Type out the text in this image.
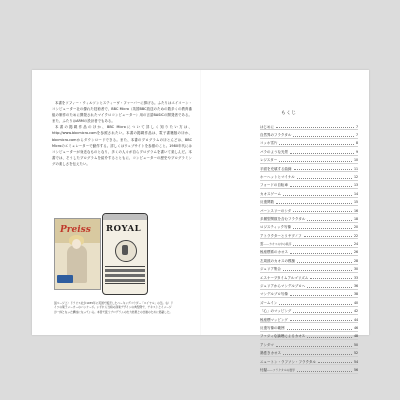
本書をソフィー・ウィルソンとスティーヴ・ファーバーに捧げる。ふたりはエイコーン・コンピューター社の優れた技術者で、BBC Micro（英国BBC放送のための数多くの教育番組の制作のために開発されたマイクロコンピューター）用の言語BASICの開発者である。また、ふたりはARMの設計者でもある。

本書の掲載作品のほか、BBC Microについて詳しく知りたい方は、http://www.bbcmicro.comを参照されたい。本書の掲載作品は、電子書籍版のほか、bbcmicro.comからダウンロードできる。また、本書のプログラムのほとんどは、BBC Microのエミュレーターで動作する。詳しくはウェブサイトを参照のこと。1980年代にはコンピューターが身近なものとなり、多くの人々が自らプログラムを書いて楽しんだ。本書では、そうしたプログラムを紹介するとともに、コンピューターの歴史やプログラミングの楽しさを伝えたい。

Preiss ROYAL

図ページ上）ドラビス社が1935年に英国で販売したベーキングパウダー「ロイヤル」の缶。右）ドイツの菓子メーカーのパッケージ。いずれも当時の商業デザインの典型例で、テキストとイメージが一体となった構成になっている。本書で扱うプログラムの出力結果との比較のために掲載した。

もくじ
はじめに	7
自然界のフラクタル	7
コッホ雪片	8
バラのような光景	9
レジスター	10
平面を充填する曲線	11
ホーヘットとマイケル	12
フォードの自転車	13
カオスゲーム	14
反復関数	15
バーンスリーのシダ	16
多層型関数を含むフラクタル	18
ロジスティック写像	20
アトラクターとリヤプノフ	22
雲 ――カオスの中の秩序	24
極座標系のカオス	26
左周波のカオスの模様	28
ジュリア集合	30
エスケープタイムアルゴリズム	33
ジュリアからマンデルブロへ	36
マンデルブロ写像	38
ズームイン	40
「心」のマッピング	42
極座標マッピング	44
反復写像の範囲	46
ファジィな論理によるカオス	48
アンダマ	50
渦巻きカオス	52
ニュートン・ラフソン・フラクタル	54
付録 ――フラクタルの数学	56
